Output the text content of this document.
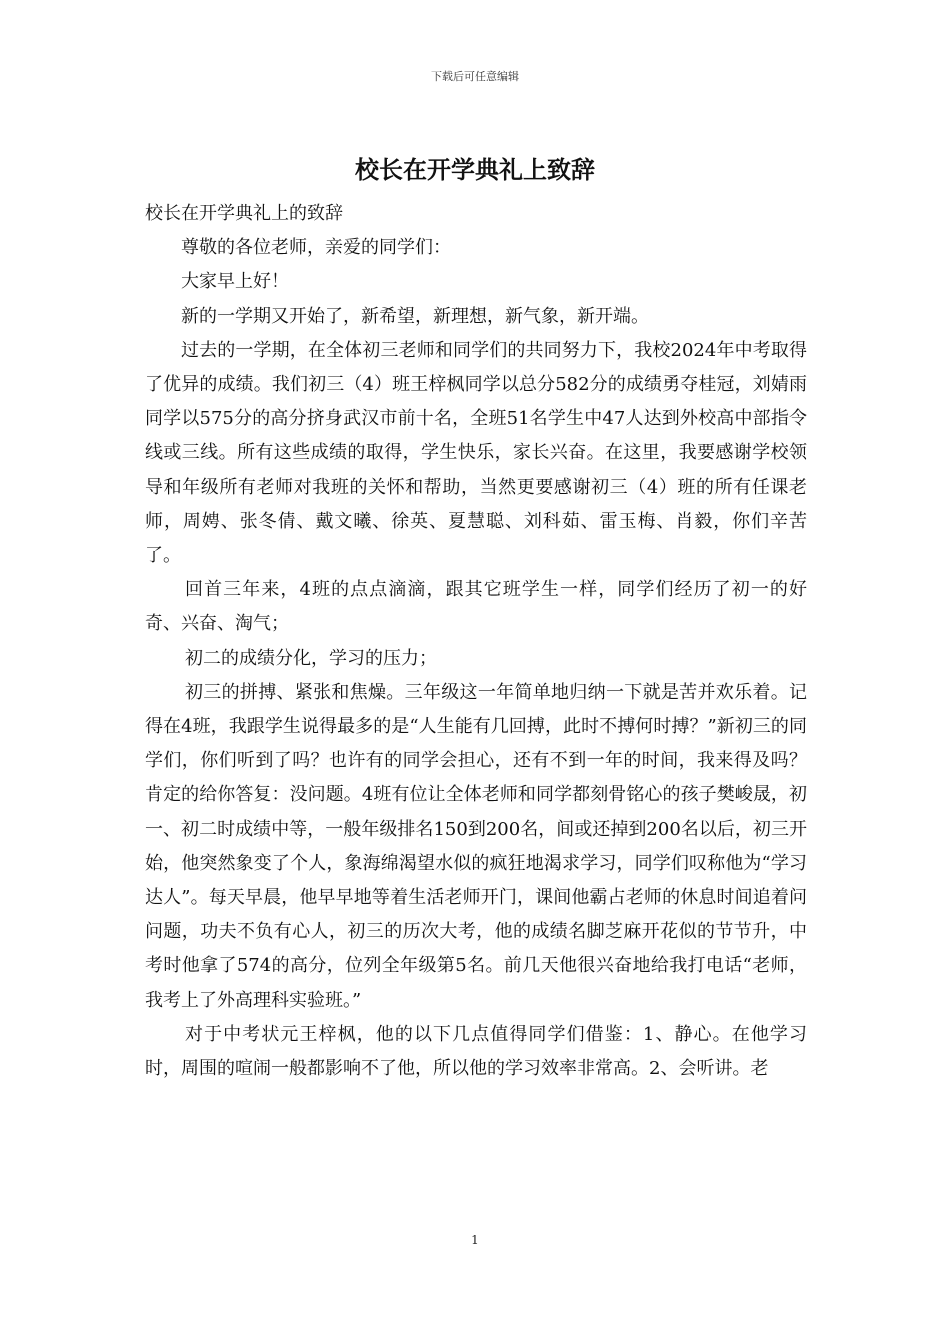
下载后可任意编辑
校长在开学典礼上致辞

校长在开学典礼上的致辞

尊敬的各位老师，亲爱的同学们：

大家早上好！

新的一学期又开始了，新希望，新理想，新气象，新开端。

过去的一学期，在全体初三老师和同学们的共同努力下，我校2024年中考取得了优异的成绩。我们初三（4）班王梓枫同学以总分582分的成绩勇夺桂冠，刘婧雨同学以575分的高分挤身武汉市前十名，全班51名学生中47人达到外校高中部指令线或三线。所有这些成绩的取得，学生快乐，家长兴奋。在这里，我要感谢学校领导和年级所有老师对我班的关怀和帮助，当然更要感谢初三（4）班的所有任课老师，周娉、张冬倩、戴文曦、徐英、夏慧聪、刘科茹、雷玉梅、肖毅，你们辛苦了。

回首三年来，4班的点点滴滴，跟其它班学生一样，同学们经历了初一的好奇、兴奋、淘气；

初二的成绩分化，学习的压力；

初三的拼搏、紧张和焦燥。三年级这一年简单地归纳一下就是苦并欢乐着。记得在4班，我跟学生说得最多的是“人生能有几回搏，此时不搏何时搏？”新初三的同学们，你们听到了吗？也许有的同学会担心，还有不到一年的时间，我来得及吗？肯定的给你答复：没问题。4班有位让全体老师和同学都刻骨铭心的孩子樊峻晟，初一、初二时成绩中等，一般年级排名150到200名，间或还掉到200名以后，初三开始，他突然象变了个人，象海绵渴望水似的疯狂地渴求学习，同学们叹称他为“学习达人”。每天早晨，他早早地等着生活老师开门，课间他霸占老师的休息时间追着问问题，功夫不负有心人，初三的历次大考，他的成绩名脚芝麻开花似的节节升，中考时他拿了574的高分，位列全年级第5名。前几天他很兴奋地给我打电话“老师，我考上了外高理科实验班。”

对于中考状元王梓枫，他的以下几点值得同学们借鉴：1、静心。在他学习时，周围的喧闹一般都影响不了他，所以他的学习效率非常高。2、会听讲。老

1
